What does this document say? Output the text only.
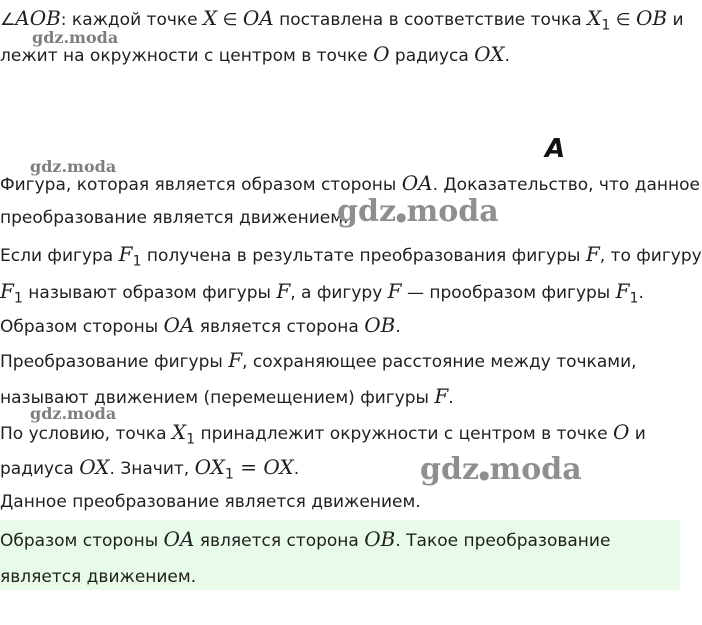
∠AOB: каждой точке X ∈ OA поставлена в соответствие точка $X_1$ ∈ OB и
лежит на окружности с центром в точке O радиуса OX.
A
Фигура, которая является образом стороны OA. Доказательство, что данное
преобразование является движением.
Если фигура $F_1$ получена в результате преобразования фигуры F, то фигуру
$F_1$ называют образом фигуры F, а фигуру F — прообразом фигуры $F_1$.
Образом стороны OA является сторона OB.
Преобразование фигуры F, сохраняющее расстояние между точками,
называют движением (перемещением) фигуры F.
По условию, точка $X_1$ принадлежит окружности с центром в точке O и
радиуса OX. Значит, $OX_1$ = OX.
Данное преобразование является движением.
Образом стороны OA является сторона OB. Такое преобразование
является движением.
gdz.moda
gdz.moda
gdz.moda
gdz●moda
gdz●moda
